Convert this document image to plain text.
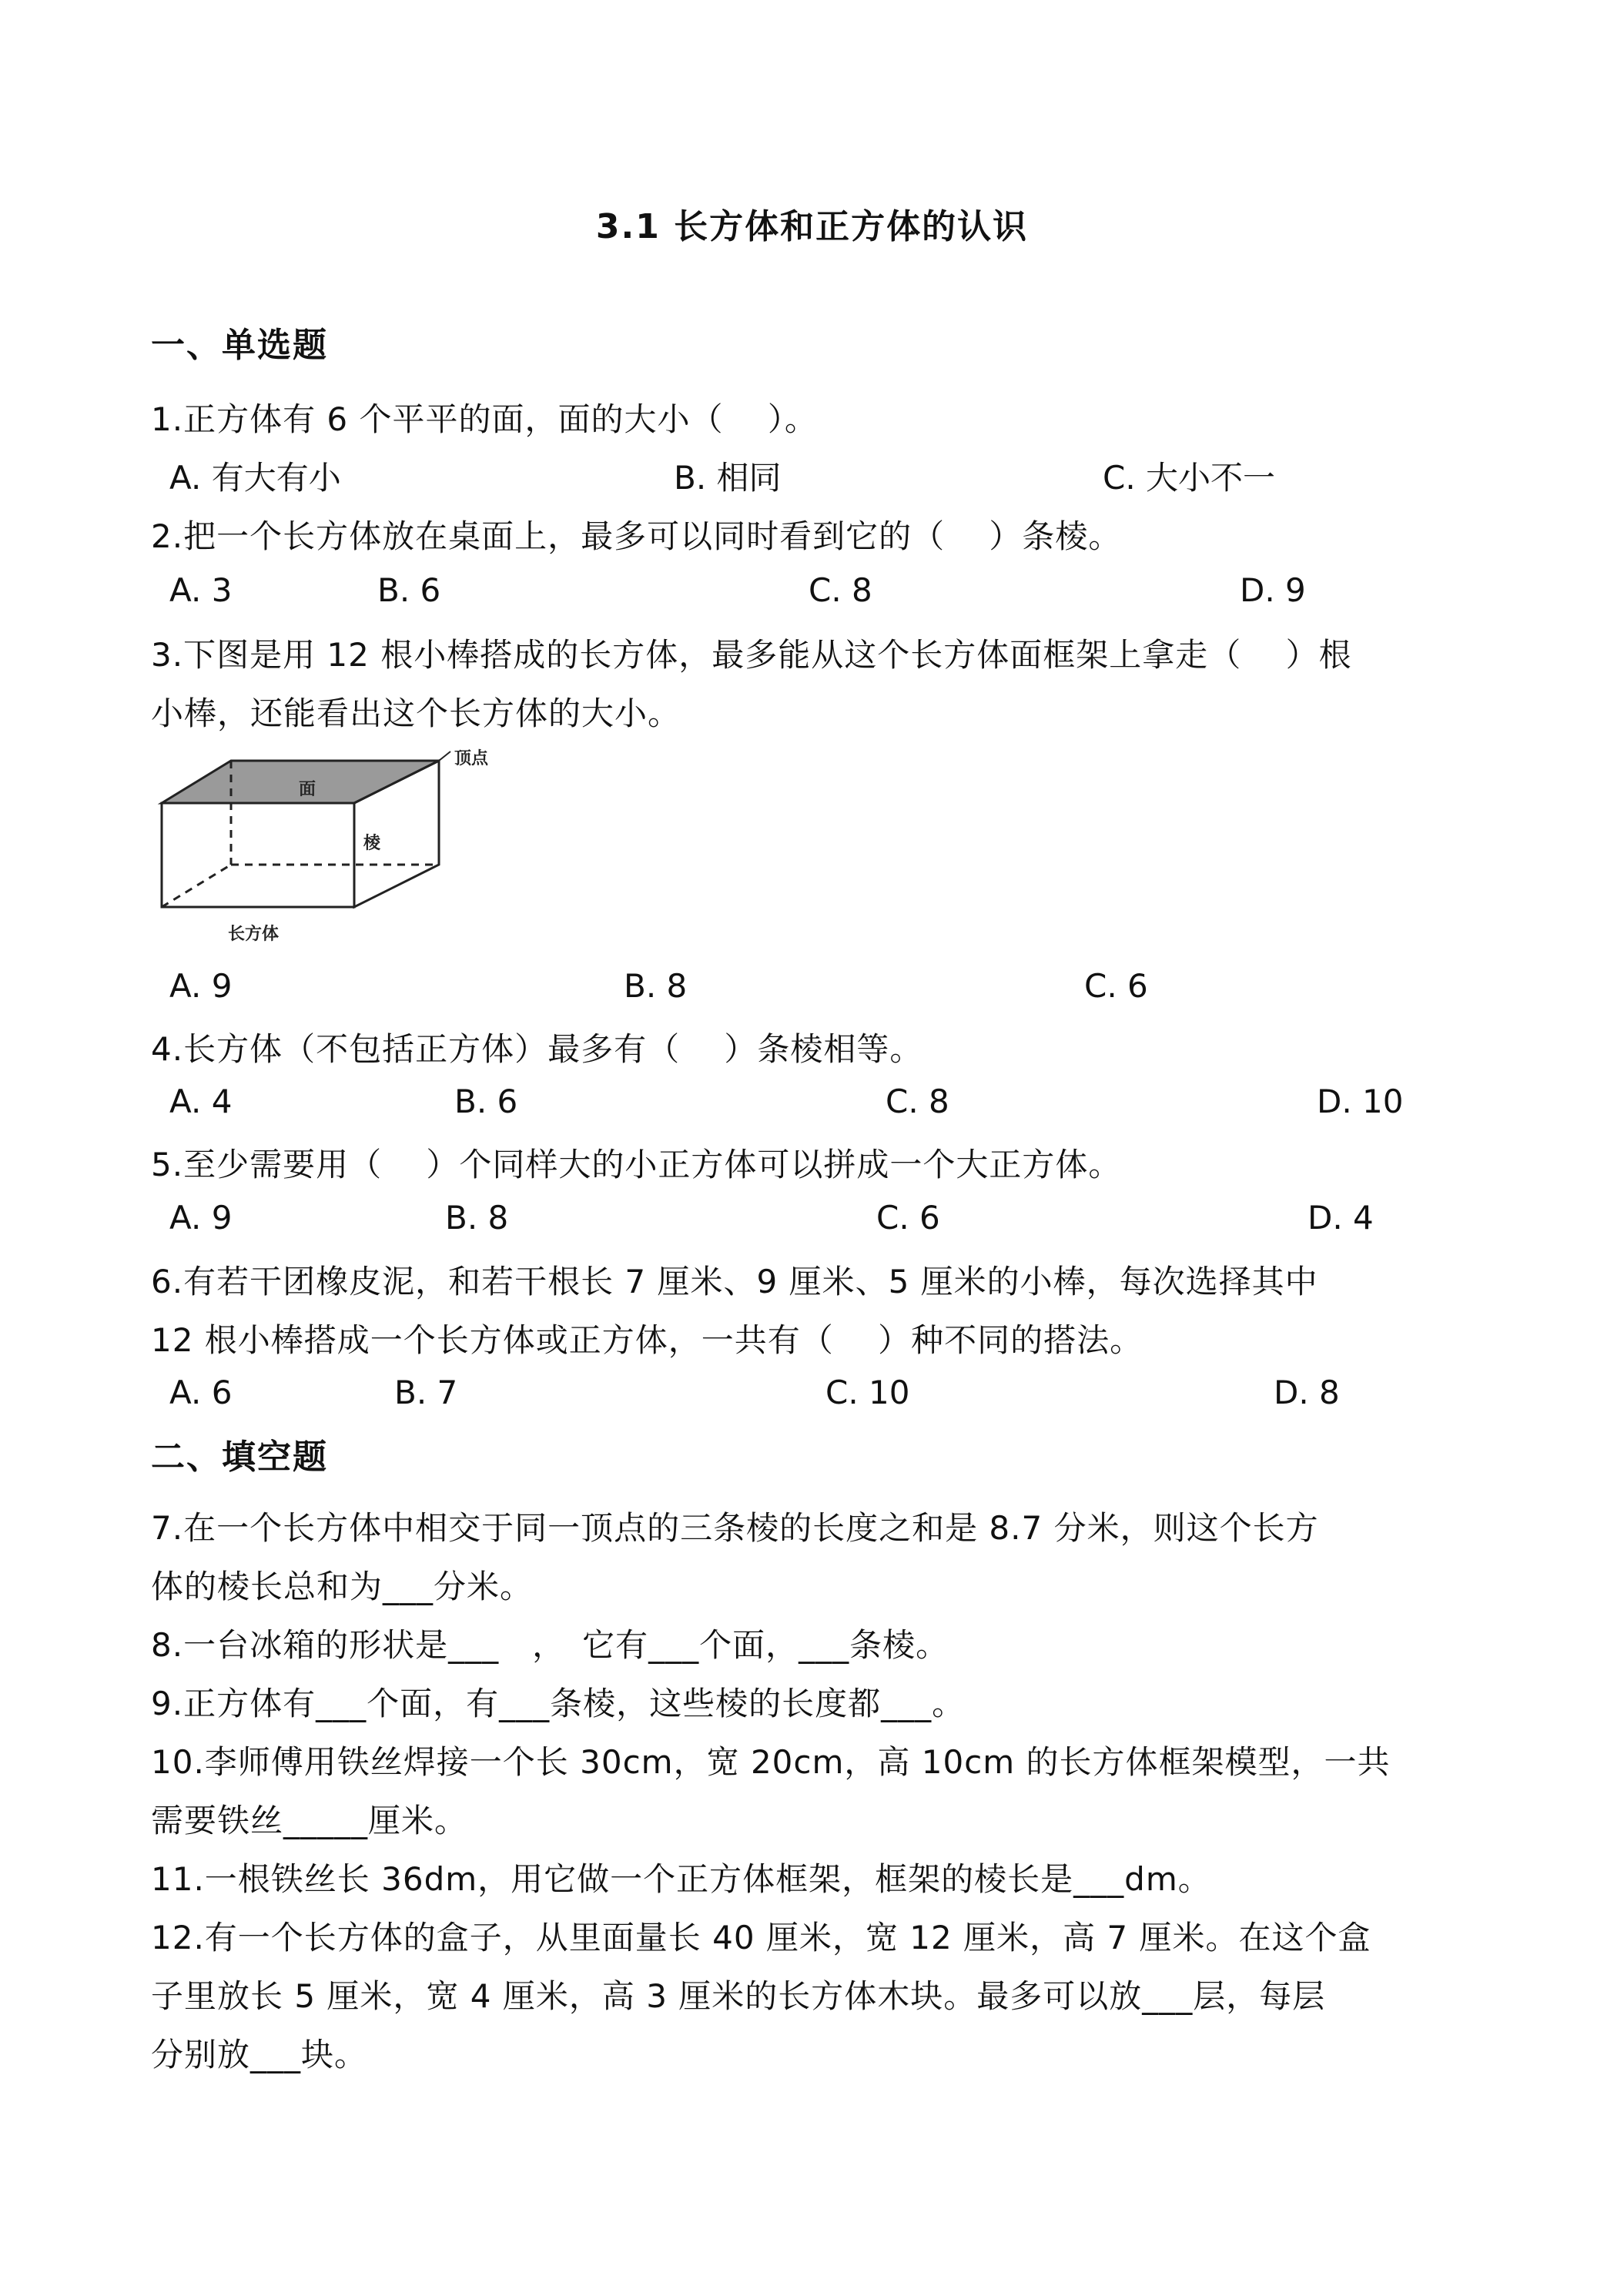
3.1 长方体和正方体的认识
一、单选题
1.正方体有 6 个平平的面，面的大小（　 ）。
A. 有大有小	B. 相同	C. 大小不一
2.把一个长方体放在桌面上，最多可以同时看到它的（　 ）条棱。
A. 3	B. 6	C. 8	D. 9
3.下图是用 12 根小棒搭成的长方体，最多能从这个长方体面框架上拿走（　 ）根
小棒，还能看出这个长方体的大小。
面
顶点
棱
长方体
A. 9	B. 8	C. 6
4.长方体（不包括正方体）最多有（　 ）条棱相等。
A. 4	B. 6	C. 8	D. 10
5.至少需要用（　 ）个同样大的小正方体可以拼成一个大正方体。
A. 9	B. 8	C. 6	D. 4
6.有若干团橡皮泥，和若干根长 7 厘米、9 厘米、5 厘米的小棒，每次选择其中
12 根小棒搭成一个长方体或正方体，一共有（　 ）种不同的搭法。
A. 6	B. 7	C. 10	D. 8
二、填空题
7.在一个长方体中相交于同一顶点的三条棱的长度之和是 8.7 分米，则这个长方
体的棱长总和为___分米。
8.一台冰箱的形状是___　，　它有___个面，___条棱。
9.正方体有___个面，有___条棱，这些棱的长度都___。
10.李师傅用铁丝焊接一个长 30cm，宽 20cm，高 10cm 的长方体框架模型，一共
需要铁丝_____厘米。
11.一根铁丝长 36dm，用它做一个正方体框架，框架的棱长是___dm。
12.有一个长方体的盒子，从里面量长 40 厘米，宽 12 厘米，高 7 厘米。在这个盒
子里放长 5 厘米，宽 4 厘米，高 3 厘米的长方体木块。最多可以放___层，每层
分别放___块。
